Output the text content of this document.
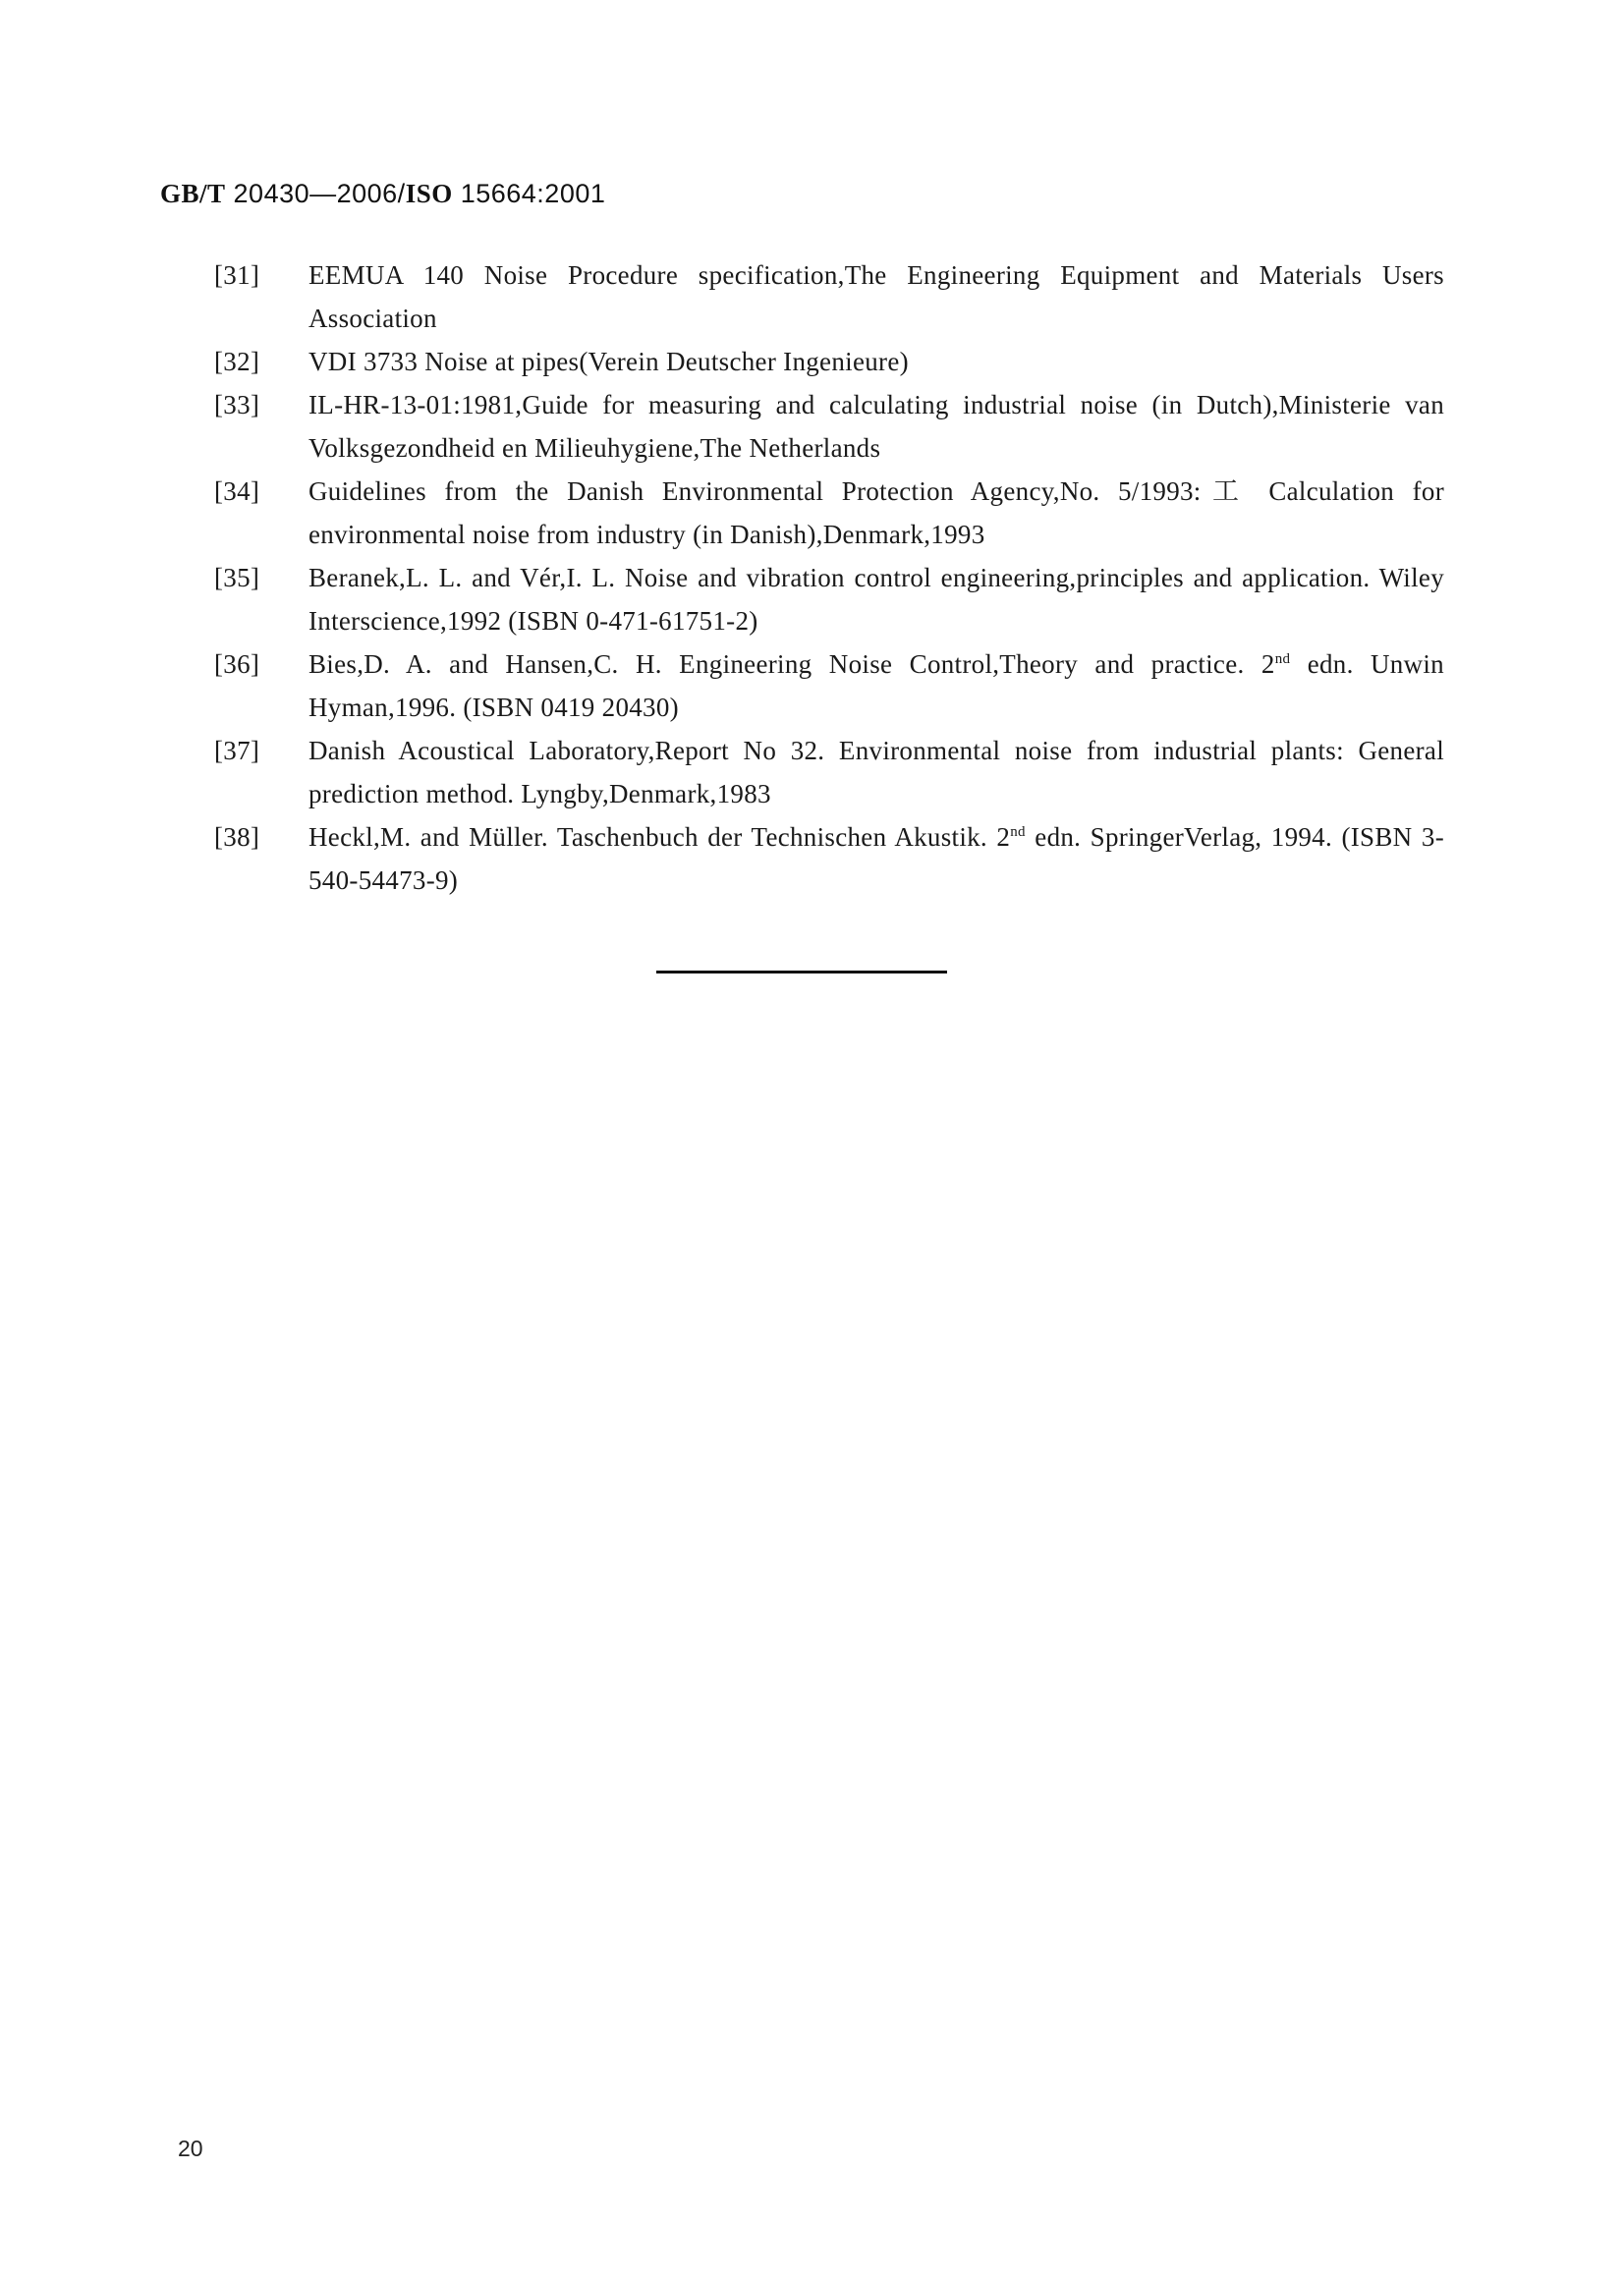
GB/T 20430—2006/ISO 15664:2001
[31]	EEMUA 140 Noise Procedure specification,The Engineering Equipment and Materials Users Association
[32]	VDI 3733 Noise at pipes(Verein Deutscher Ingenieure)
[33]	IL-HR-13-01:1981,Guide for measuring and calculating industrial noise (in Dutch),Ministerie van Volksgezondheid en Milieuhygiene,The Netherlands
[34]	Guidelines from the Danish Environmental Protection Agency,No. 5/1993:工 Calculation for environmental noise from industry (in Danish),Denmark,1993
[35]	Beranek,L. L. and Vér,I. L. Noise and vibration control engineering,principles and application. Wiley Interscience,1992 (ISBN 0-471-61751-2)
[36]	Bies,D. A. and Hansen,C. H. Engineering Noise Control,Theory and practice. 2nd edn. Unwin Hyman,1996. (ISBN 0419 20430)
[37]	Danish Acoustical Laboratory,Report No 32. Environmental noise from industrial plants: General prediction method. Lyngby,Denmark,1983
[38]	Heckl,M. and Müller. Taschenbuch der Technischen Akustik. 2nd edn. SpringerVerlag, 1994. (ISBN 3-540-54473-9)
20
